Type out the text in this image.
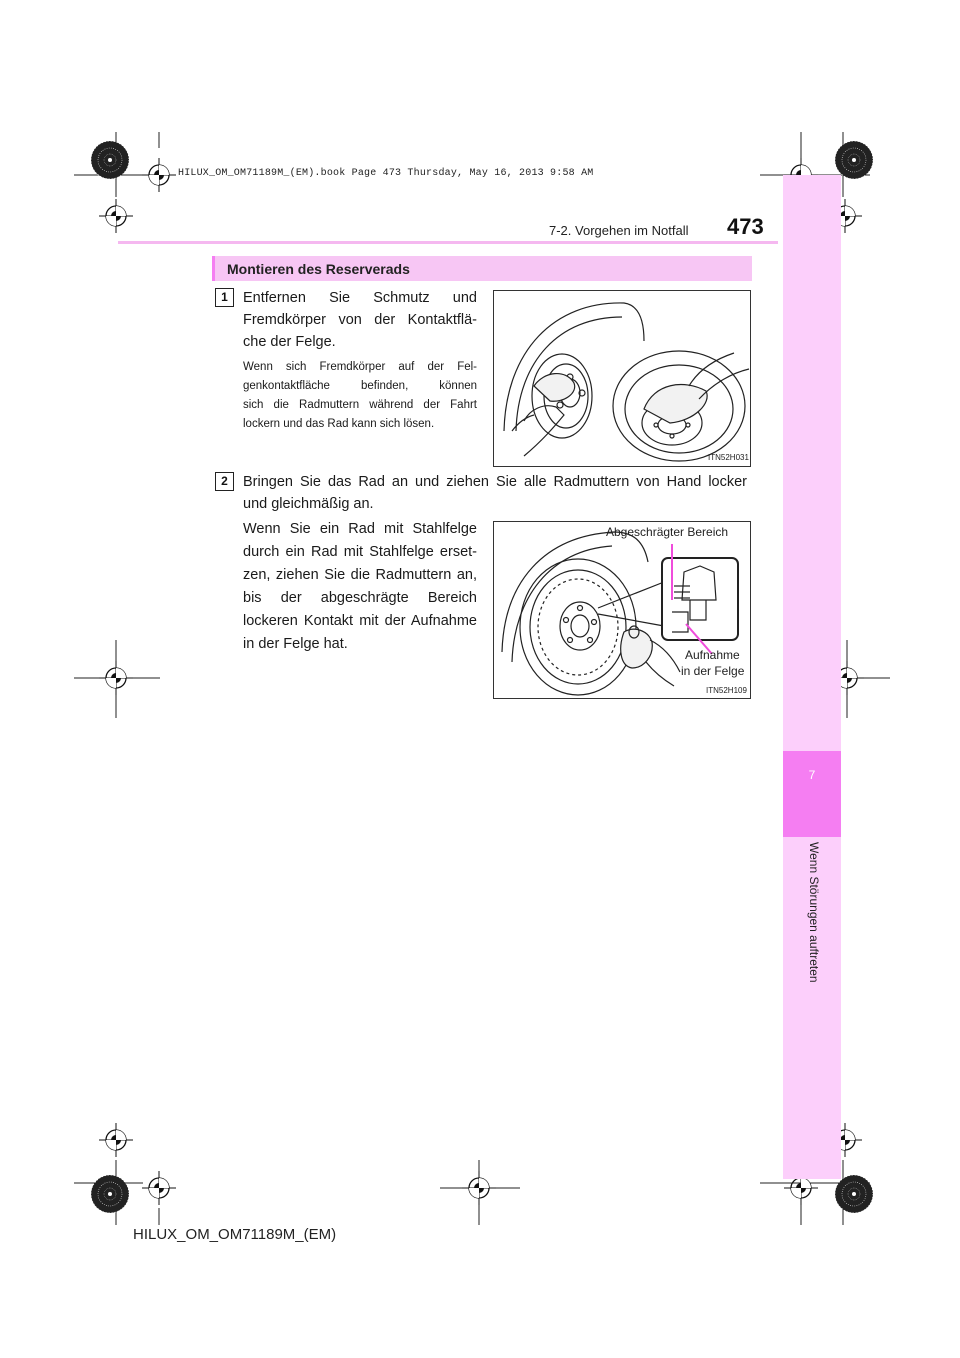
HILUX_OM_OM71189M_(EM).book Page 473 Thursday, May 16, 2013 9:58 AM
7
Wenn Störungen auftreten
7-2. Vorgehen im Notfall 473
Montieren des Reserverads
1	Entfernen Sie Schmutz und
Fremdkörper von der Kontaktflä-
che der Felge.
Wenn sich Fremdkörper auf der Fel-
genkontaktfläche befinden, können
sich die Radmuttern während der Fahrt
lockern und das Rad kann sich lösen.
ITN52H031
2	Bringen Sie das Rad an und ziehen Sie alle Radmuttern von Hand locker
und gleichmäßig an.
Wenn Sie ein Rad mit Stahlfelge
durch ein Rad mit Stahlfelge erset-
zen, ziehen Sie die Radmuttern an,
bis der abgeschrägte Bereich
lockeren Kontakt mit der Aufnahme
in der Felge hat.
Abgeschrägter Bereich
Aufnahme
in der Felge
ITN52H109
HILUX_OM_OM71189M_(EM)
